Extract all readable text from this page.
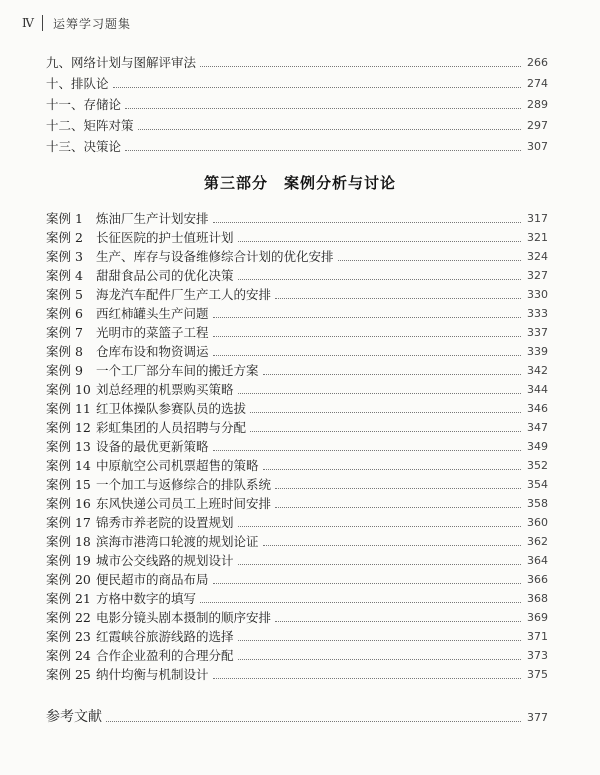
Ⅳ 运筹学习题集
九、网络计划与图解评审法	266
十、排队论	274
十一、存储论	289
十二、矩阵对策	297
十三、决策论	307
第三部分 案例分析与讨论
案例 1 炼油厂生产计划安排	317
案例 2 长征医院的护士值班计划	321
案例 3 生产、库存与设备维修综合计划的优化安排	324
案例 4 甜甜食品公司的优化决策	327
案例 5 海龙汽车配件厂生产工人的安排	330
案例 6 西红柿罐头生产问题	333
案例 7 光明市的菜篮子工程	337
案例 8 仓库布设和物资调运	339
案例 9 一个工厂部分车间的搬迁方案	342
案例 10 刘总经理的机票购买策略	344
案例 11 红卫体操队参赛队员的选拔	346
案例 12 彩虹集团的人员招聘与分配	347
案例 13 设备的最优更新策略	349
案例 14 中原航空公司机票超售的策略	352
案例 15 一个加工与返修综合的排队系统	354
案例 16 东风快递公司员工上班时间安排	358
案例 17 锦秀市养老院的设置规划	360
案例 18 滨海市港湾口轮渡的规划论证	362
案例 19 城市公交线路的规划设计	364
案例 20 便民超市的商品布局	366
案例 21 方格中数字的填写	368
案例 22 电影分镜头剧本摄制的顺序安排	369
案例 23 红霞峡谷旅游线路的选择	371
案例 24 合作企业盈利的合理分配	373
案例 25 纳什均衡与机制设计	375
参考文献	377
